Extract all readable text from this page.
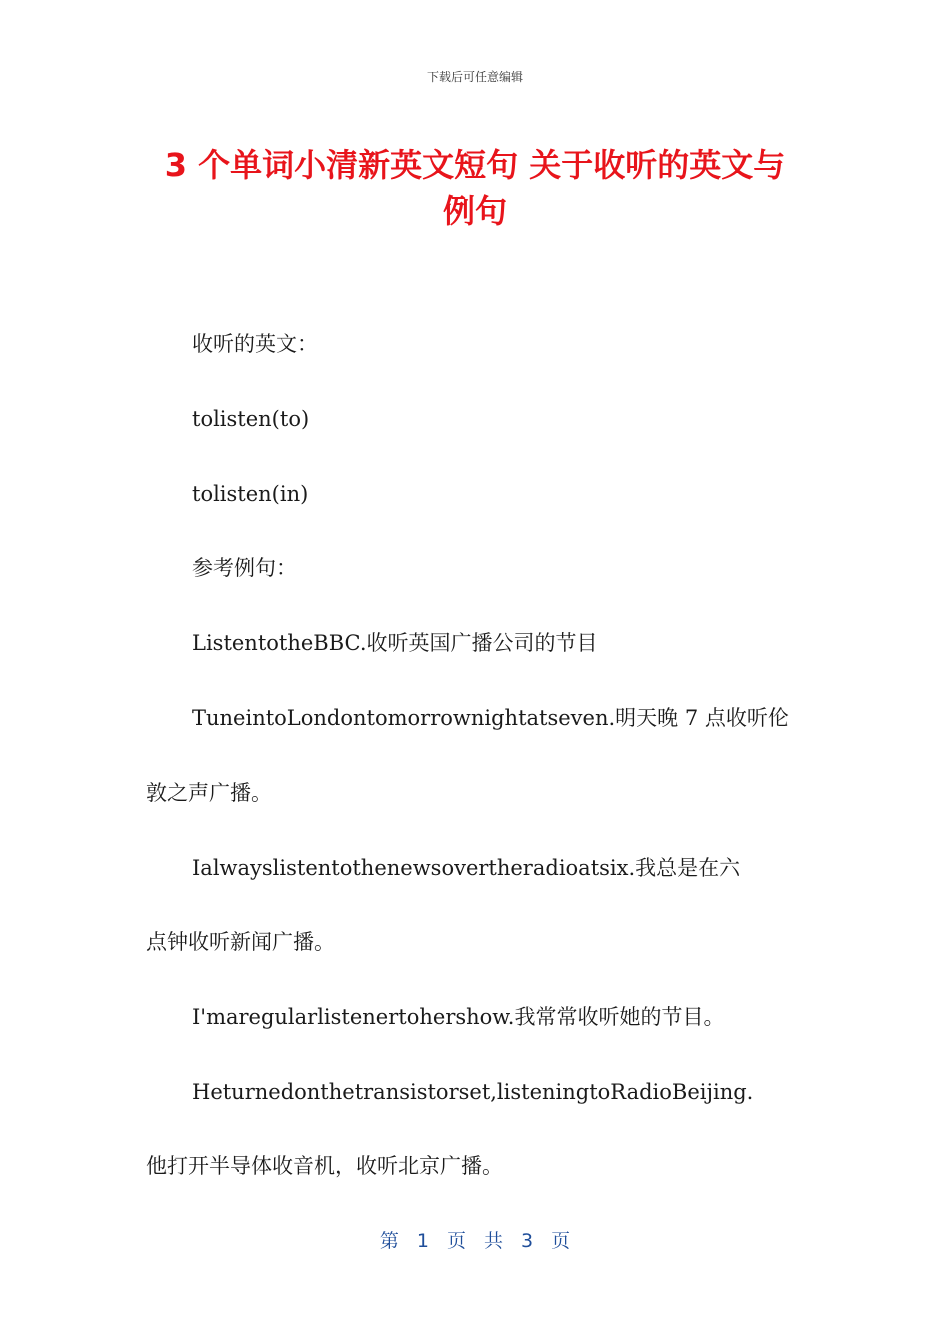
下载后可任意编辑
3 个单词小清新英文短句 关于收听的英文与
例句
收听的英文：
tolisten(to)
tolisten(in)
参考例句：
ListentotheBBC.收听英国广播公司的节目
TuneintoLondontomorrownightatseven.明天晚 7 点收听伦
敦之声广播。
Ialwayslistentothenewsovertheradioatsix.我总是在六
点钟收听新闻广播。
I'maregularlistenertohershow.我常常收听她的节目。
Heturnedonthetransistorset,listeningtoRadioBeijing.
他打开半导体收音机，收听北京广播。
第 1 页 共 3 页
